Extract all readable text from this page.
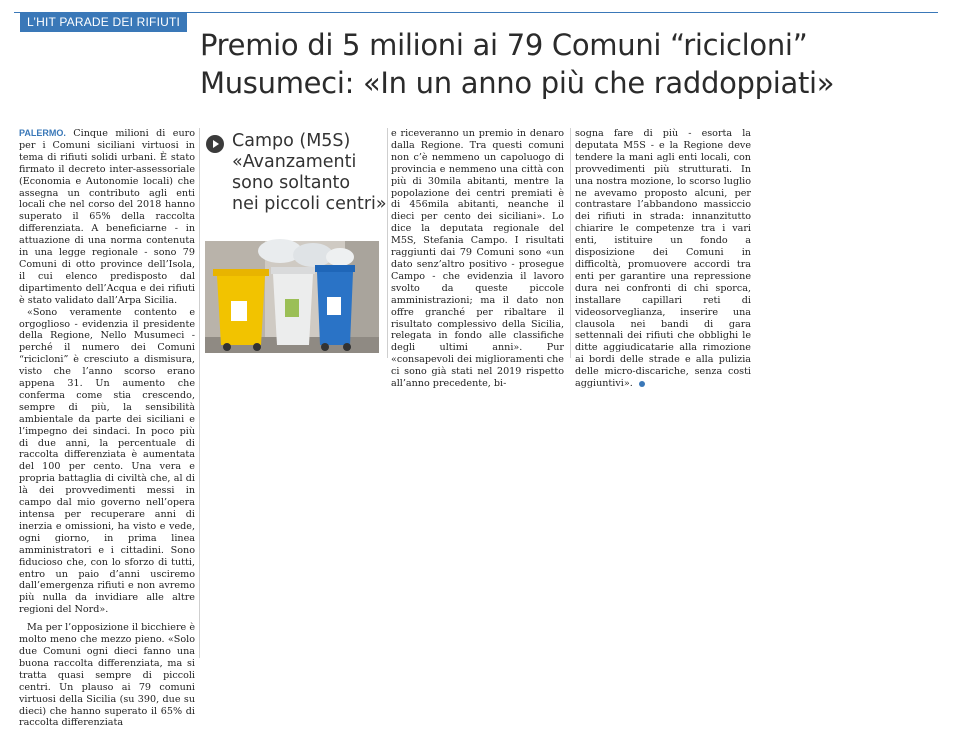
L’HIT PARADE DEI RIFIUTI
Premio di 5 milioni ai 79 Comuni “ricicloni”
Musumeci: «In un anno più che raddoppiati»

PALERMO. Cinque milioni di euro per i Comuni siciliani virtuosi in tema di rifiuti solidi urbani. È stato firmato il decreto inter-assessoriale (Economia e Autonomie locali) che assegna un contributo agli enti locali che nel corso del 2018 hanno superato il 65% della raccolta differenziata. A beneficiarne - in attuazione di una norma contenuta in una legge regionale - sono 79 Comuni di otto province dell’Isola, il cui elenco predisposto dal dipartimento dell’Acqua e dei rifiuti è stato validato dall’Arpa Sicilia.

«Sono veramente contento e orgoglioso - evidenzia il presidente della Regione, Nello Musumeci - perché il numero dei Comuni “ricicloni” è cresciuto a dismisura, visto che l’anno scorso erano appena 31. Un aumento che conferma come stia crescendo, sempre di più, la sensibilità ambientale da parte dei siciliani e l’impegno dei sindaci. In poco più di due anni, la percentuale di raccolta differenziata è aumentata del 100 per cento. Una vera e propria battaglia di civiltà che, al di là dei provvedimenti messi in campo dal mio governo nell’opera intensa per recuperare anni di inerzia e omissioni, ha visto e vede, ogni giorno, in prima linea amministratori e i cittadini. Sono fiducioso che, con lo sforzo di tutti, entro un paio d’anni usciremo dall’emergenza rifiuti e non avremo più nulla da invidiare alle altre regioni del Nord».

Ma per l’opposizione il bicchiere è molto meno che mezzo pieno. «Solo due Comuni ogni dieci fanno una buona raccolta differenziata, ma si tratta quasi sempre di piccoli centri. Un plauso ai 79 comuni virtuosi della Sicilia (su 390, due su dieci) che hanno superato il 65% di raccolta differenziata

Campo (M5S)
«Avanzamenti
sono soltanto
nei piccoli centri»

e riceveranno un premio in denaro dalla Regione. Tra questi comuni non c’è nemmeno un capoluogo di provincia e nemmeno una città con più di 30mila abitanti, mentre la popolazione dei centri premiati è di 456mila abitanti, neanche il dieci per cento dei siciliani». Lo dice la deputata regionale del M5S, Stefania Campo. I risultati raggiunti dai 79 Comuni sono «un dato senz’altro positivo - prosegue Campo - che evidenzia il lavoro svolto da queste piccole amministrazioni; ma il dato non offre granché per ribaltare il risultato complessivo della Sicilia, relegata in fondo alle classifiche degli ultimi anni». Pur «consapevoli dei miglioramenti che ci sono già stati nel 2019 rispetto all’anno precedente, bi-

sogna fare di più - esorta la deputata M5S - e la Regione deve tendere la mani agli enti locali, con provvedimenti più strutturati. In una nostra mozione, lo scorso luglio ne avevamo proposto alcuni, per contrastare l’abbandono massiccio dei rifiuti in strada: innanzitutto chiarire le competenze tra i vari enti, istituire un fondo a disposizione dei Comuni in difficoltà, promuovere accordi tra enti per garantire una repressione dura nei confronti di chi sporca, installare capillari reti di videosorveglianza, inserire una clausola nei bandi di gara settennali dei rifiuti che obblighi le ditte aggiudicatarie alla rimozione ai bordi delle strade e alla pulizia delle micro-discariche, senza costi aggiuntivi».
